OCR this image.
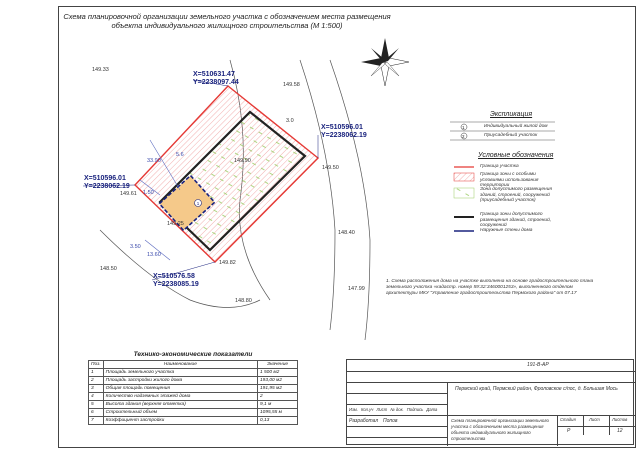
Схема планировочной организации земельного участка с обозначением места размещения объекта индивидуального жилищного строительства (М 1:500)
1
X=510631.47
Y=2238097.44
X=510596.01
Y=2238062.19
X=510596.01
Y=2238062.19
X=510576.58
Y=2238085.19
149.33
149.58
149.50
149.90
149.61
149.82
148.40
148.50
147.99
148.80
149.25
5.6
33.90
1.50
3.0
13.60
3.50
Экспликация
1	Индивидуальный жилой дом
2	Приусадебный участок
Условные обозначения
Граница участка
Граница зоны с особыми условиями использования территории
Зона допустимого размещения зданий, строений, сооружений (приусадебный участок)
Граница зоны допустимого размещения зданий, строений, сооружений
Наружные стены дома
1. Схема расположения дома на участке выполнена на основе градостроительного плана земельного участка «кадастр. номер 59:32:3460001253», выполненного отделом архитектуры МКУ "Управление градостроительства Пермского района" от 07.17
Технико-экономические показатели
Поз.	Наименование	Значение
1	Площадь земельного участка	1 500 м2
2	Площадь застройки жилого дома	193,00 м2
3	Общая площадь помещения	191,95 м2
4	Количество надземных этажей дома	2
5	Высота здания (верхняя отметка)	9,1 м
6	Строительный объем	1095,55 м
7	Коэффициент застройки	0,13
191-В-АР
Пермский край, Пермский район, Фроловское с/пос, д. Большая Мось
Изм. Кол.уч Лист № док. Подпись Дата
Разработал Попов	Схема планировочной организации земельного участка с обозначением места размещения объекта индивидуального жилищного строительства
Стадия	Лист	Листов
Р	12
